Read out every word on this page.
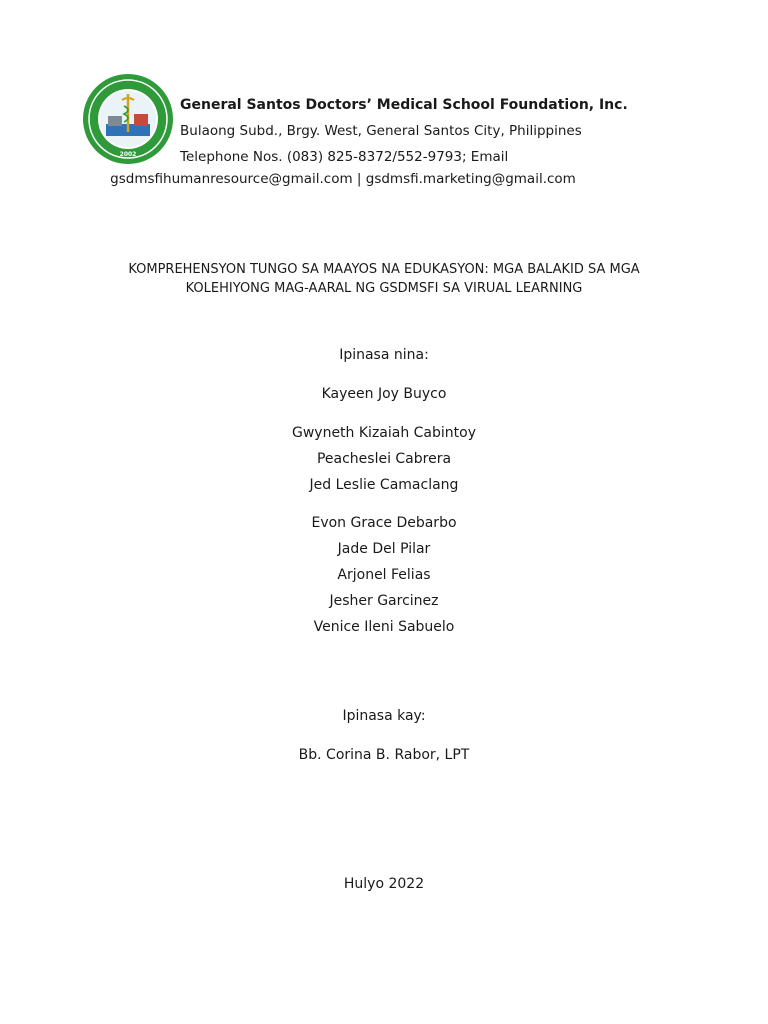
2002
General Santos Doctors’ Medical School Foundation, Inc.
Bulaong Subd., Brgy. West, General Santos City, Philippines
Telephone Nos. (083) 825-8372/552-9793; Email
gsdmsfihumanresource@gmail.com | gsdmsfi.marketing@gmail.com
KOMPREHENSYON TUNGO SA MAAYOS NA EDUKASYON: MGA BALAKID SA MGA
KOLEHIYONG MAG-AARAL NG GSDMSFI SA VIRUAL LEARNING
Ipinasa nina:
Kayeen Joy Buyco
Gwyneth Kizaiah Cabintoy
Peacheslei Cabrera
Jed Leslie Camaclang
Evon Grace Debarbo
Jade Del Pilar
Arjonel Felias
Jesher Garcinez
Venice Ileni Sabuelo
Ipinasa kay:
Bb. Corina B. Rabor, LPT
Hulyo 2022
